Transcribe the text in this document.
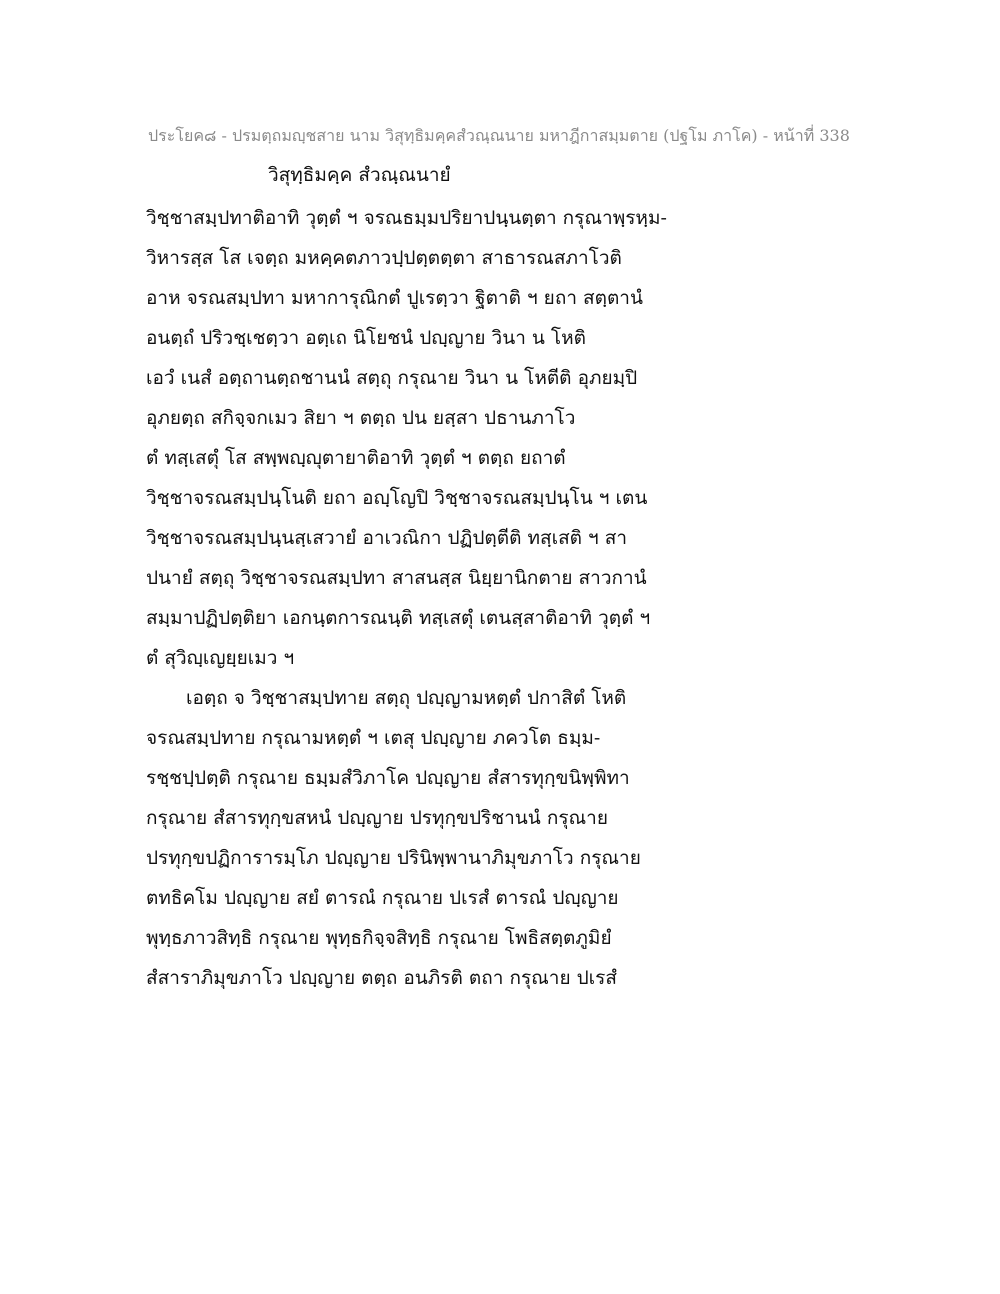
ประโยค๘ - ปรมตฺถมญฺชสาย นาม วิสุทฺธิมคฺคสํวณฺณนาย มหาฎีกาสมฺมตาย (ปฐโม ภาโค) - หน้าที่ 338
วิสุทฺธิมคฺค สํวณฺณนายํ
วิชฺชาสมฺปทาติอาทิ วุตฺตํ ฯ จรณธมฺมปริยาปนฺนตฺตา กรุณาพฺรหฺม-
วิหารสฺส โส เจตฺถ มหคฺคตภาวปฺปตฺตตฺตา สาธารณสภาโวติ
อาห จรณสมฺปทา มหาการุณิกตํ ปูเรตฺวา ฐิตาติ ฯ ยถา สตฺตานํ
อนตฺถํ ปริวชฺเชตฺวา อตฺเถ นิโยชนํ ปญฺญาย วินา น โหติ
เอวํ เนสํ อตฺถานตฺถชานนํ สตฺถุ กรุณาย วินา น โหตีติ อุภยมฺปิ
อุภยตฺถ สกิจฺจกเมว สิยา ฯ ตตฺถ ปน ยสฺสา ปธานภาโว
ตํ ทสฺเสตุํ โส สพฺพญฺญุตายาติอาทิ วุตฺตํ ฯ ตตฺถ ยถาตํ
วิชฺชาจรณสมฺปนฺโนติ ยถา อญฺโญปิ วิชฺชาจรณสมฺปนฺโน ฯ เตน
วิชฺชาจรณสมฺปนฺนสฺเสวายํ อาเวณิกา ปฏิปตฺตีติ ทสฺเสติ ฯ สา
ปนายํ สตฺถุ วิชฺชาจรณสมฺปทา สาสนสฺส นิยฺยานิกตาย สาวกานํ
สมฺมาปฏิปตฺติยา เอกนฺตการณนฺติ ทสฺเสตุํ เตนสฺสาติอาทิ วุตฺตํ ฯ
ตํ สุวิญฺเญยฺยเมว ฯ
เอตฺถ จ วิชฺชาสมฺปทาย สตฺถุ ปญฺญามหตฺตํ ปกาสิตํ โหติ
จรณสมฺปทาย กรุณามหตฺตํ ฯ เตสุ ปญฺญาย ภควโต ธมฺม-
รชฺชปฺปตฺติ กรุณาย ธมฺมสํวิภาโค ปญฺญาย สํสารทุกฺขนิพฺพิทา
กรุณาย สํสารทุกฺขสหนํ ปญฺญาย ปรทุกฺขปริชานนํ กรุณาย
ปรทุกฺขปฏิการารมฺโภ ปญฺญาย ปรินิพฺพานาภิมุขภาโว กรุณาย
ตทธิคโม ปญฺญาย สยํ ตารณํ กรุณาย ปเรสํ ตารณํ ปญฺญาย
พุทฺธภาวสิทฺธิ กรุณาย พุทฺธกิจฺจสิทฺธิ กรุณาย โพธิสตฺตภูมิยํ
สํสาราภิมุขภาโว ปญฺญาย ตตฺถ อนภิรติ ตถา กรุณาย ปเรสํ
